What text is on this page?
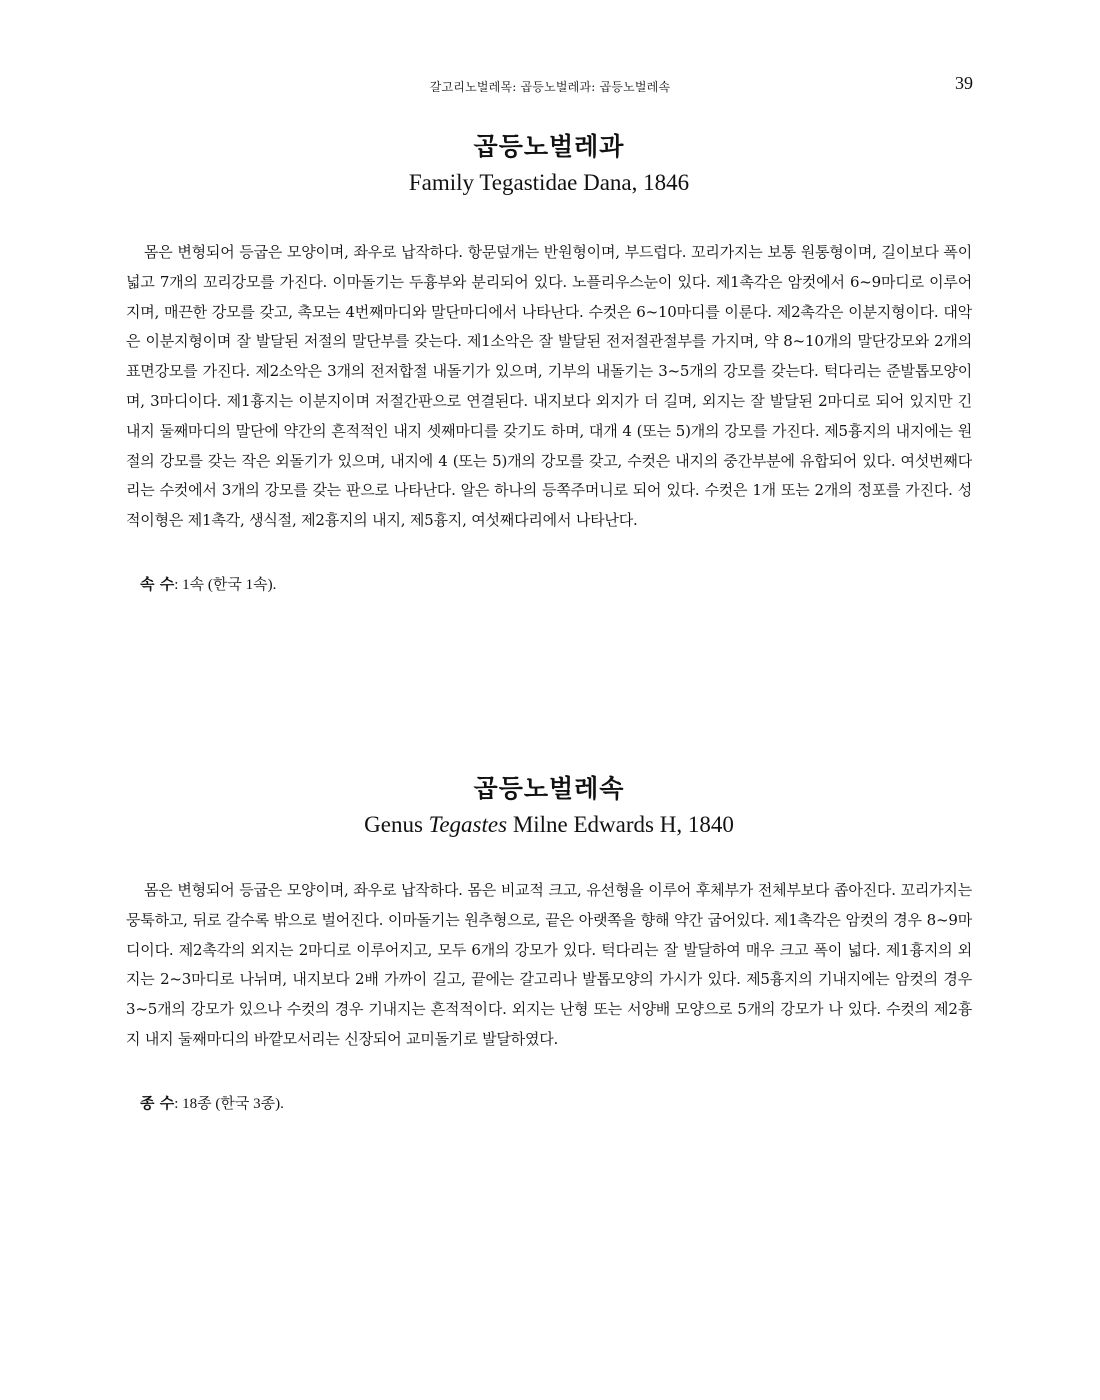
갈고리노벌레목: 곱등노벌레과: 곱등노벌레속	39
곱등노벌레과
Family Tegastidae Dana, 1846

몸은 변형되어 등굽은 모양이며, 좌우로 납작하다. 항문덮개는 반원형이며, 부드럽다. 꼬리가지는 보통 원통형이며, 길이보다 폭이 넓고 7개의 꼬리강모를 가진다. 이마돌기는 두흉부와 분리되어 있다. 노플리우스눈이 있다. 제1촉각은 암컷에서 6~9마디로 이루어지며, 매끈한 강모를 갖고, 촉모는 4번째마디와 말단마디에서 나타난다. 수컷은 6~10마디를 이룬다. 제2촉각은 이분지형이다. 대악은 이분지형이며 잘 발달된 저절의 말단부를 갖는다. 제1소악은 잘 발달된 전저절관절부를 가지며, 약 8~10개의 말단강모와 2개의 표면강모를 가진다. 제2소악은 3개의 전저합절 내돌기가 있으며, 기부의 내돌기는 3~5개의 강모를 갖는다. 턱다리는 준발톱모양이며, 3마디이다. 제1흉지는 이분지이며 저절간판으로 연결된다. 내지보다 외지가 더 길며, 외지는 잘 발달된 2마디로 되어 있지만 긴 내지 둘째마디의 말단에 약간의 흔적적인 내지 셋째마디를 갖기도 하며, 대개 4 (또는 5)개의 강모를 가진다. 제5흉지의 내지에는 원절의 강모를 갖는 작은 외돌기가 있으며, 내지에 4 (또는 5)개의 강모를 갖고, 수컷은 내지의 중간부분에 유합되어 있다. 여섯번째다리는 수컷에서 3개의 강모를 갖는 판으로 나타난다. 알은 하나의 등쪽주머니로 되어 있다. 수컷은 1개 또는 2개의 정포를 가진다. 성적이형은 제1촉각, 생식절, 제2흉지의 내지, 제5흉지, 여섯째다리에서 나타난다.

속 수: 1속 (한국 1속).
곱등노벌레속
Genus Tegastes Milne Edwards H, 1840

몸은 변형되어 등굽은 모양이며, 좌우로 납작하다. 몸은 비교적 크고, 유선형을 이루어 후체부가 전체부보다 좁아진다. 꼬리가지는 뭉툭하고, 뒤로 갈수록 밖으로 벌어진다. 이마돌기는 원추형으로, 끝은 아랫쪽을 향해 약간 굽어있다. 제1촉각은 암컷의 경우 8~9마디이다. 제2촉각의 외지는 2마디로 이루어지고, 모두 6개의 강모가 있다. 턱다리는 잘 발달하여 매우 크고 폭이 넓다. 제1흉지의 외지는 2~3마디로 나뉘며, 내지보다 2배 가까이 길고, 끝에는 갈고리나 발톱모양의 가시가 있다. 제5흉지의 기내지에는 암컷의 경우 3~5개의 강모가 있으나 수컷의 경우 기내지는 흔적적이다. 외지는 난형 또는 서양배 모양으로 5개의 강모가 나 있다. 수컷의 제2흉지 내지 둘째마디의 바깥모서리는 신장되어 교미돌기로 발달하였다.

종 수: 18종 (한국 3종).
